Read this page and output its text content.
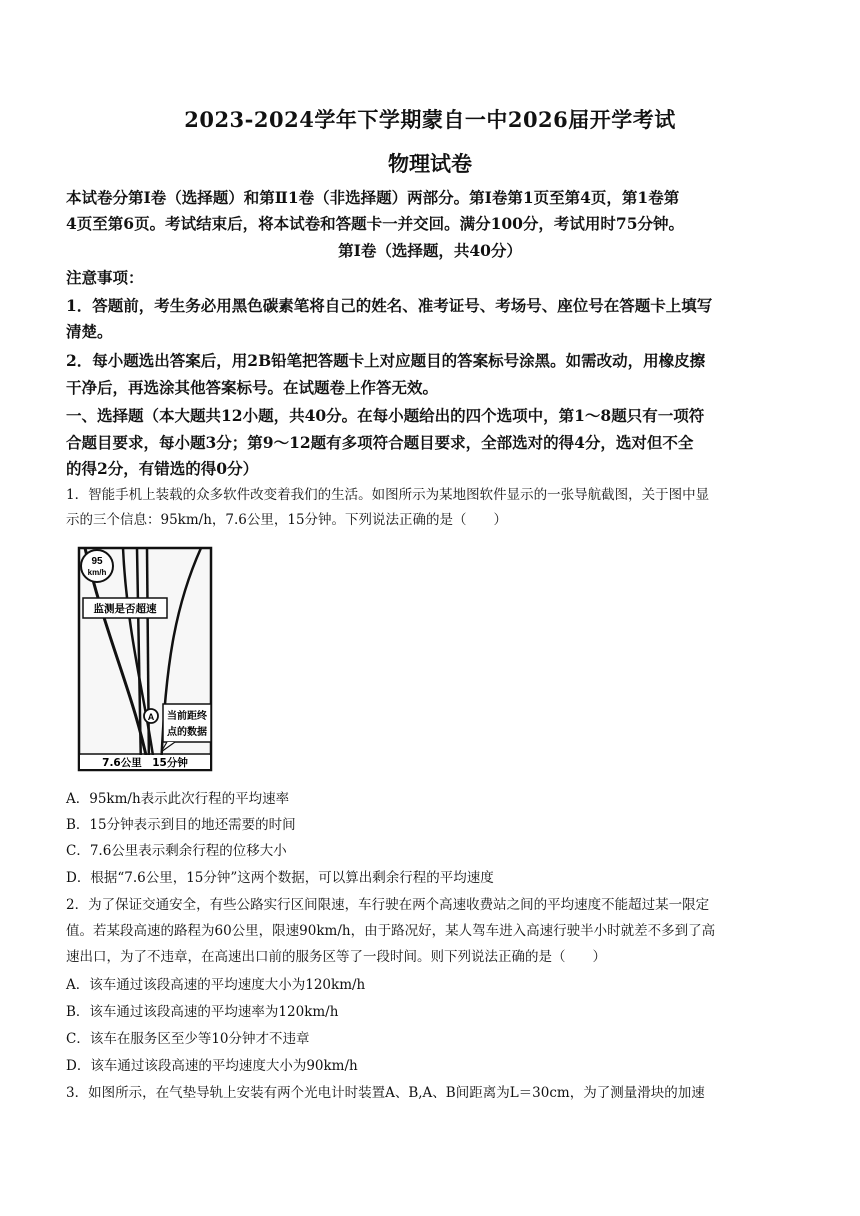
2023-2024学年下学期蒙自一中2026届开学考试
物理试卷
本试卷分第Ⅰ卷（选择题）和第Ⅱ1卷（非选择题）两部分。第Ⅰ卷第1页至第4页，第1卷第
4页至第6页。考试结束后，将本试卷和答题卡一并交回。满分100分，考试用时75分钟。
第Ⅰ卷（选择题，共40分）
注意事项：
1．答题前，考生务必用黑色碳素笔将自己的姓名、准考证号、考场号、座位号在答题卡上填写
清楚。
2．每小题选出答案后，用2B铅笔把答题卡上对应题目的答案标号涂黑。如需改动，用橡皮擦
干净后，再选涂其他答案标号。在试题卷上作答无效。
一、选择题（本大题共12小题，共40分。在每小题给出的四个选项中，第1～8题只有一项符
合题目要求，每小题3分；第9～12题有多项符合题目要求，全部选对的得4分，选对但不全
的得2分，有错选的得0分）
1．智能手机上装载的众多软件改变着我们的生活。如图所示为某地图软件显示的一张导航截图，关于图中显
示的三个信息：95km/h，7.6公里，15分钟。下列说法正确的是（　　）
95
km/h
监测是否超速
A 当前距终
点的数据
7.6公里　15分钟
A．95km/h表示此次行程的平均速率
B．15分钟表示到目的地还需要的时间
C．7.6公里表示剩余行程的位移大小
D．根据“7.6公里，15分钟”这两个数据，可以算出剩余行程的平均速度
2．为了保证交通安全，有些公路实行区间限速，车行驶在两个高速收费站之间的平均速度不能超过某一限定
值。若某段高速的路程为60公里，限速90km/h，由于路况好，某人驾车进入高速行驶半小时就差不多到了高
速出口，为了不违章，在高速出口前的服务区等了一段时间。则下列说法正确的是（　　）
A．该车通过该段高速的平均速度大小为120km/h
B．该车通过该段高速的平均速率为120km/h
C．该车在服务区至少等10分钟才不违章
D．该车通过该段高速的平均速度大小为90km/h
3．如图所示，在气垫导轨上安装有两个光电计时装置A、B,A、B间距离为L＝30cm，为了测量滑块的加速
